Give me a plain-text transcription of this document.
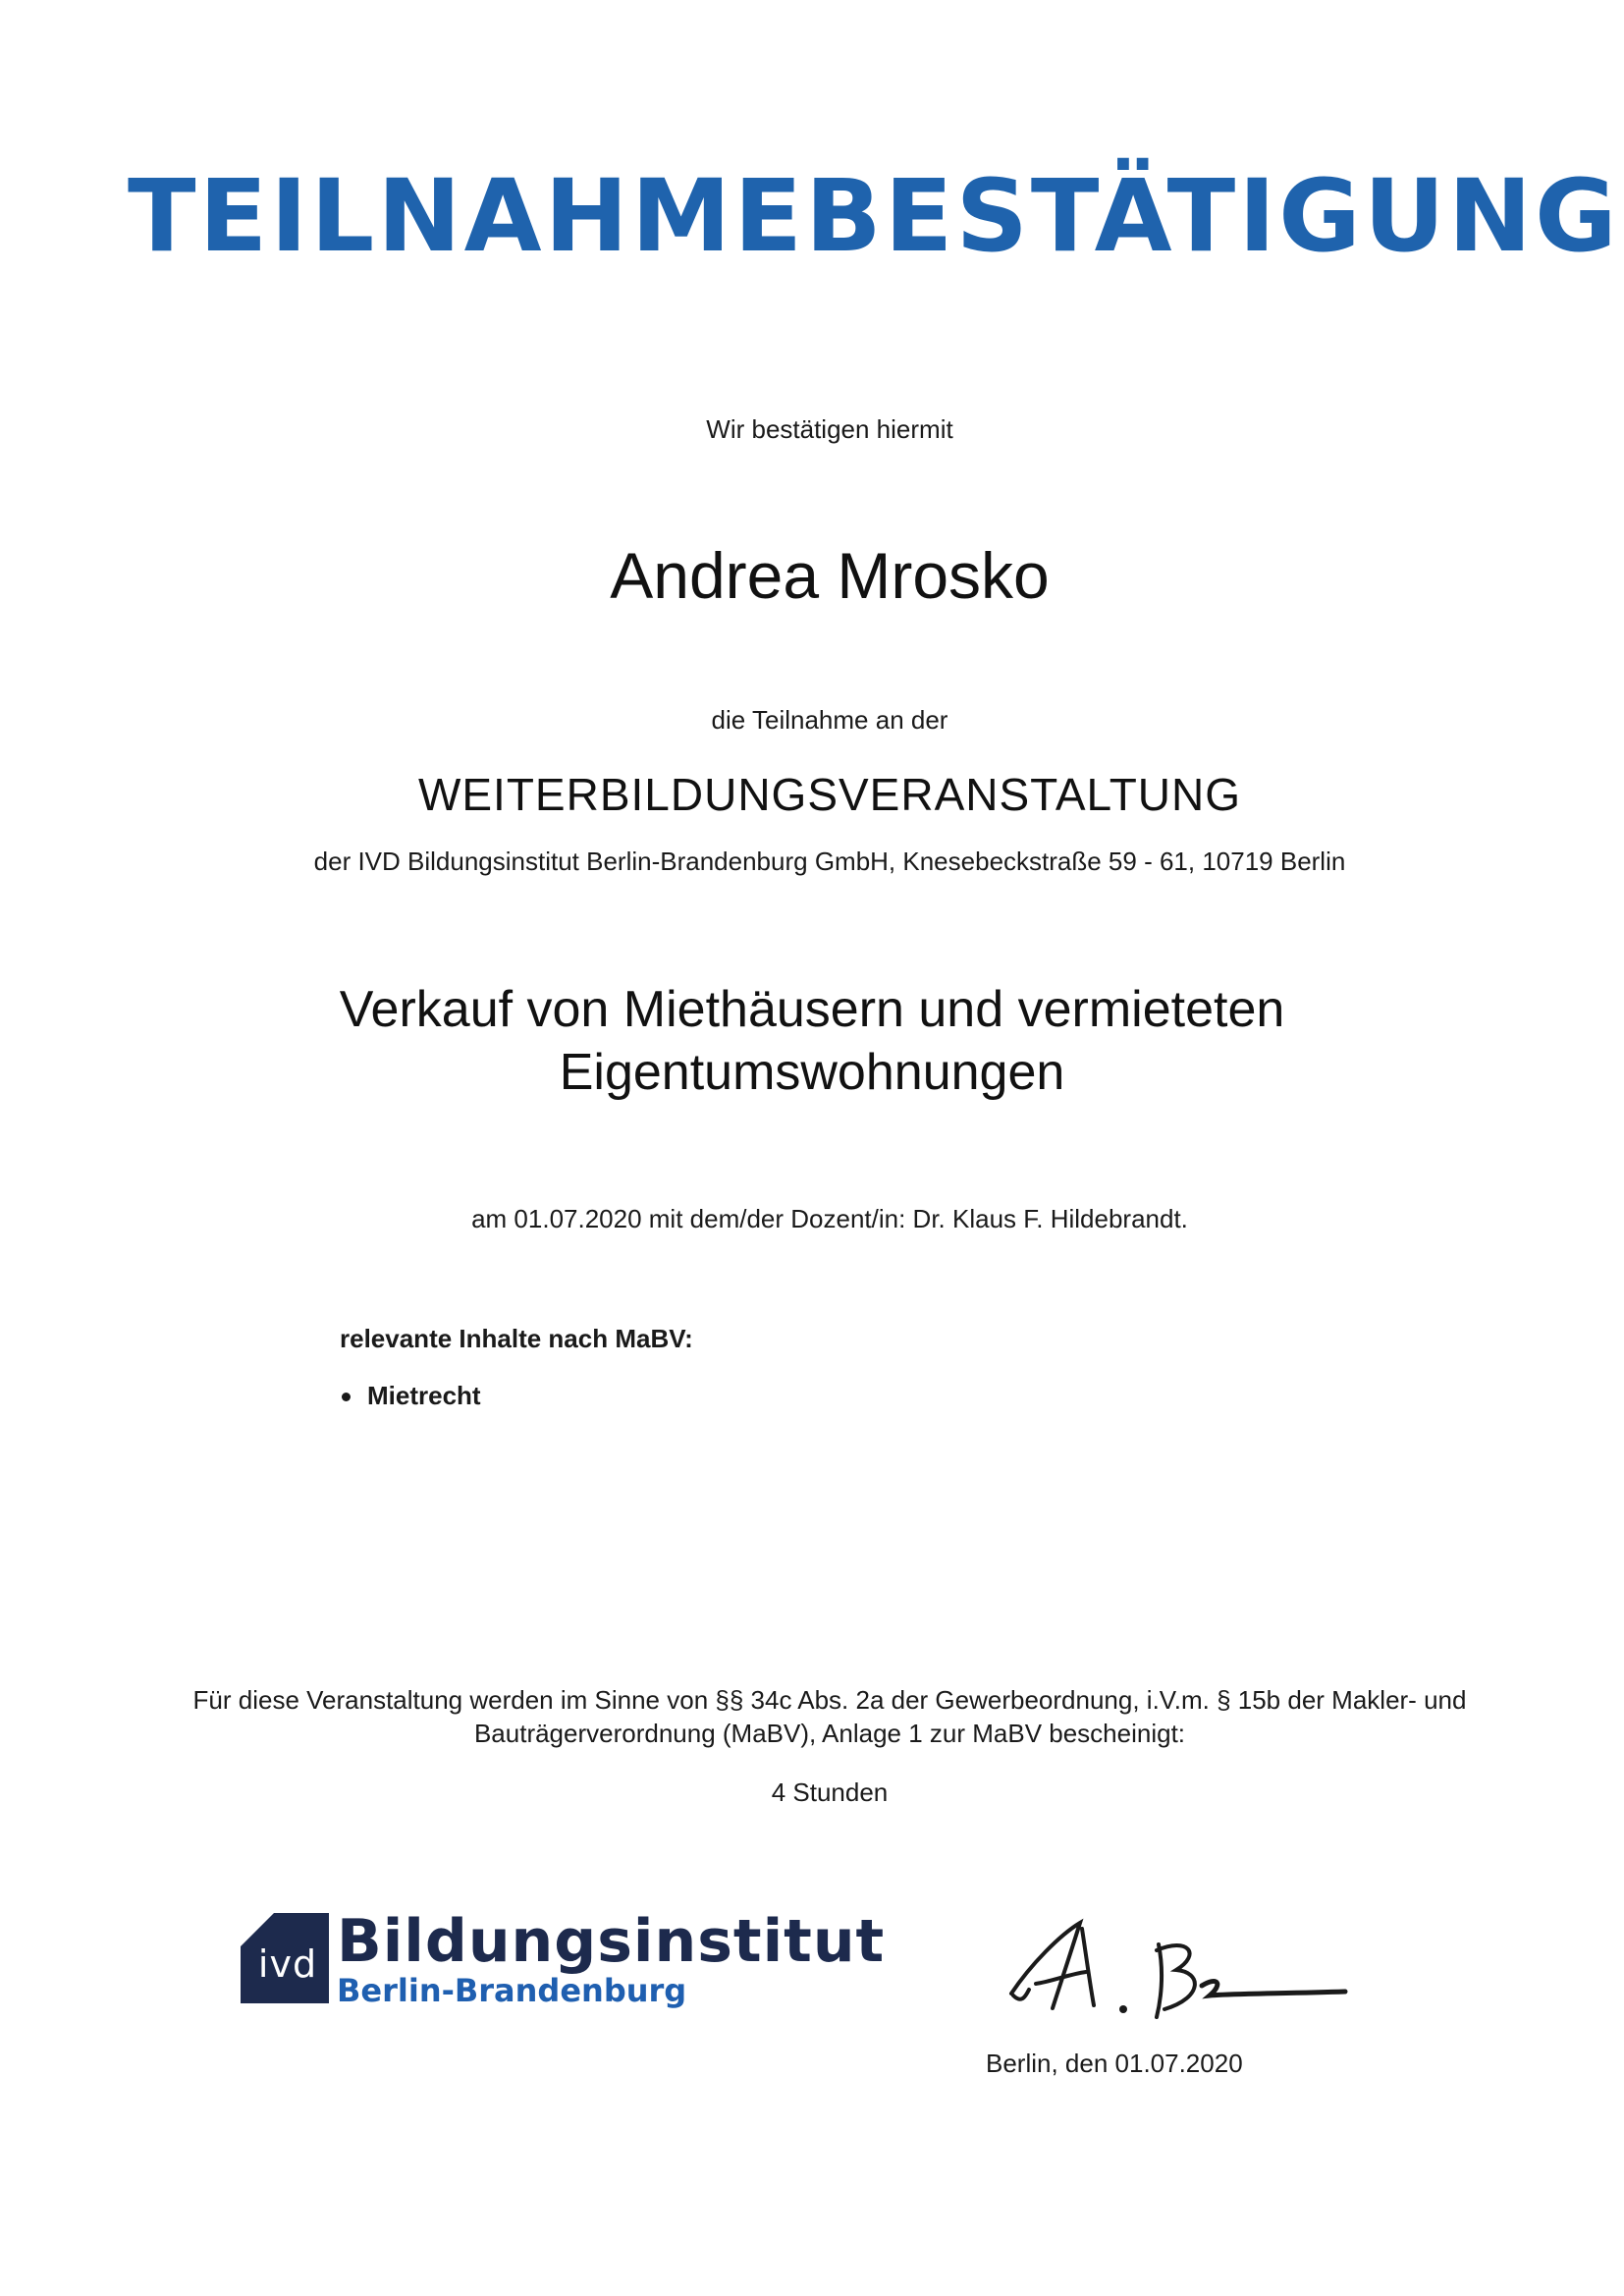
TEILNAHMEBESTÄTIGUNG
Wir bestätigen hiermit
Andrea Mrosko
die Teilnahme an der
WEITERBILDUNGSVERANSTALTUNG
der IVD Bildungsinstitut Berlin-Brandenburg GmbH, Knesebeckstraße 59 - 61, 10719 Berlin
Verkauf von Miethäusern und vermieteten
Eigentumswohnungen
am 01.07.2020 mit dem/der Dozent/in: Dr. Klaus F. Hildebrandt.
relevante Inhalte nach MaBV:
Mietrecht
Für diese Veranstaltung werden im Sinne von §§ 34c Abs. 2a der Gewerbeordnung, i.V.m. § 15b der Makler- und
Bauträgerverordnung (MaBV), Anlage 1 zur MaBV bescheinigt:
4 Stunden
ivd Bildungsinstitut
Berlin-Brandenburg
Berlin, den 01.07.2020
